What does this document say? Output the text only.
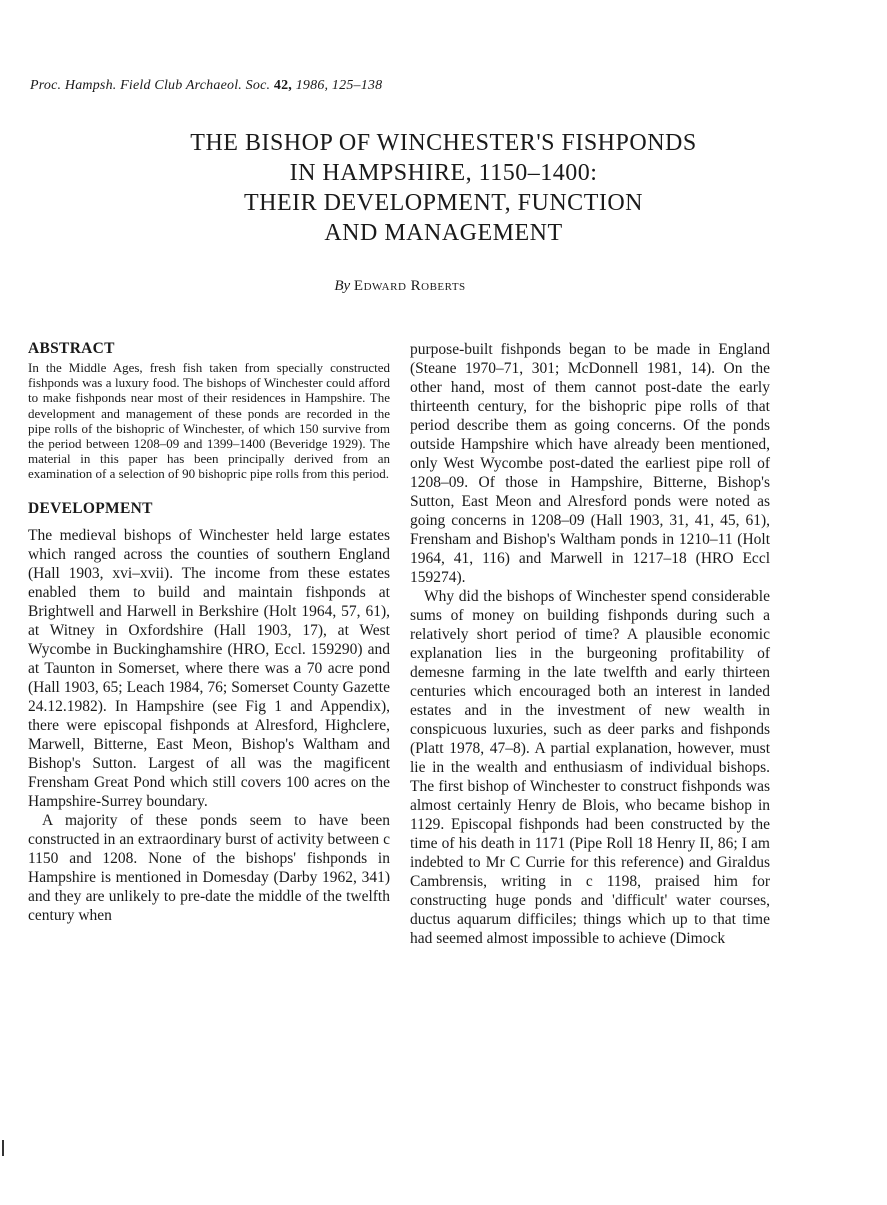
Proc. Hampsh. Field Club Archaeol. Soc. 42, 1986, 125–138
THE BISHOP OF WINCHESTER'S FISHPONDS
IN HAMPSHIRE, 1150–1400:
THEIR DEVELOPMENT, FUNCTION
AND MANAGEMENT
By Edward Roberts
ABSTRACT

In the Middle Ages, fresh fish taken from specially constructed fishponds was a luxury food. The bishops of Winchester could afford to make fishponds near most of their residences in Hampshire. The development and management of these ponds are recorded in the pipe rolls of the bishopric of Winchester, of which 150 survive from the period between 1208–09 and 1399–1400 (Beveridge 1929). The material in this paper has been principally derived from an examination of a selection of 90 bishopric pipe rolls from this period.

DEVELOPMENT

The medieval bishops of Winchester held large estates which ranged across the counties of southern England (Hall 1903, xvi–xvii). The income from these estates enabled them to build and maintain fishponds at Brightwell and Harwell in Berkshire (Holt 1964, 57, 61), at Witney in Oxfordshire (Hall 1903, 17), at West Wycombe in Buckinghamshire (HRO, Eccl. 159290) and at Taunton in Somerset, where there was a 70 acre pond (Hall 1903, 65; Leach 1984, 76; Somerset County Gazette 24.12.1982). In Hampshire (see Fig 1 and Appendix), there were episcopal fishponds at Alresford, Highclere, Marwell, Bitterne, East Meon, Bishop's Waltham and Bishop's Sutton. Largest of all was the magificent Frensham Great Pond which still covers 100 acres on the Hampshire-Surrey boundary.

A majority of these ponds seem to have been constructed in an extraordinary burst of activity between c 1150 and 1208. None of the bishops' fishponds in Hampshire is mentioned in Domesday (Darby 1962, 341) and they are unlikely to pre-date the middle of the twelfth century when

purpose-built fishponds began to be made in England (Steane 1970–71, 301; McDonnell 1981, 14). On the other hand, most of them cannot post-date the early thirteenth century, for the bishopric pipe rolls of that period describe them as going concerns. Of the ponds outside Hampshire which have already been mentioned, only West Wycombe post-dated the earliest pipe roll of 1208–09. Of those in Hampshire, Bitterne, Bishop's Sutton, East Meon and Alresford ponds were noted as going concerns in 1208–09 (Hall 1903, 31, 41, 45, 61), Frensham and Bishop's Waltham ponds in 1210–11 (Holt 1964, 41, 116) and Marwell in 1217–18 (HRO Eccl 159274).

Why did the bishops of Winchester spend considerable sums of money on building fishponds during such a relatively short period of time? A plausible economic explanation lies in the burgeoning profitability of demesne farming in the late twelfth and early thirteen centuries which encouraged both an interest in landed estates and in the investment of new wealth in conspicuous luxuries, such as deer parks and fishponds (Platt 1978, 47–8). A partial explanation, however, must lie in the wealth and enthusiasm of individual bishops. The first bishop of Winchester to construct fishponds was almost certainly Henry de Blois, who became bishop in 1129. Episcopal fishponds had been constructed by the time of his death in 1171 (Pipe Roll 18 Henry II, 86; I am indebted to Mr C Currie for this reference) and Giraldus Cambrensis, writing in c 1198, praised him for constructing huge ponds and 'difficult' water courses, ductus aquarum difficiles; things which up to that time had seemed almost impossible to achieve (Dimock
